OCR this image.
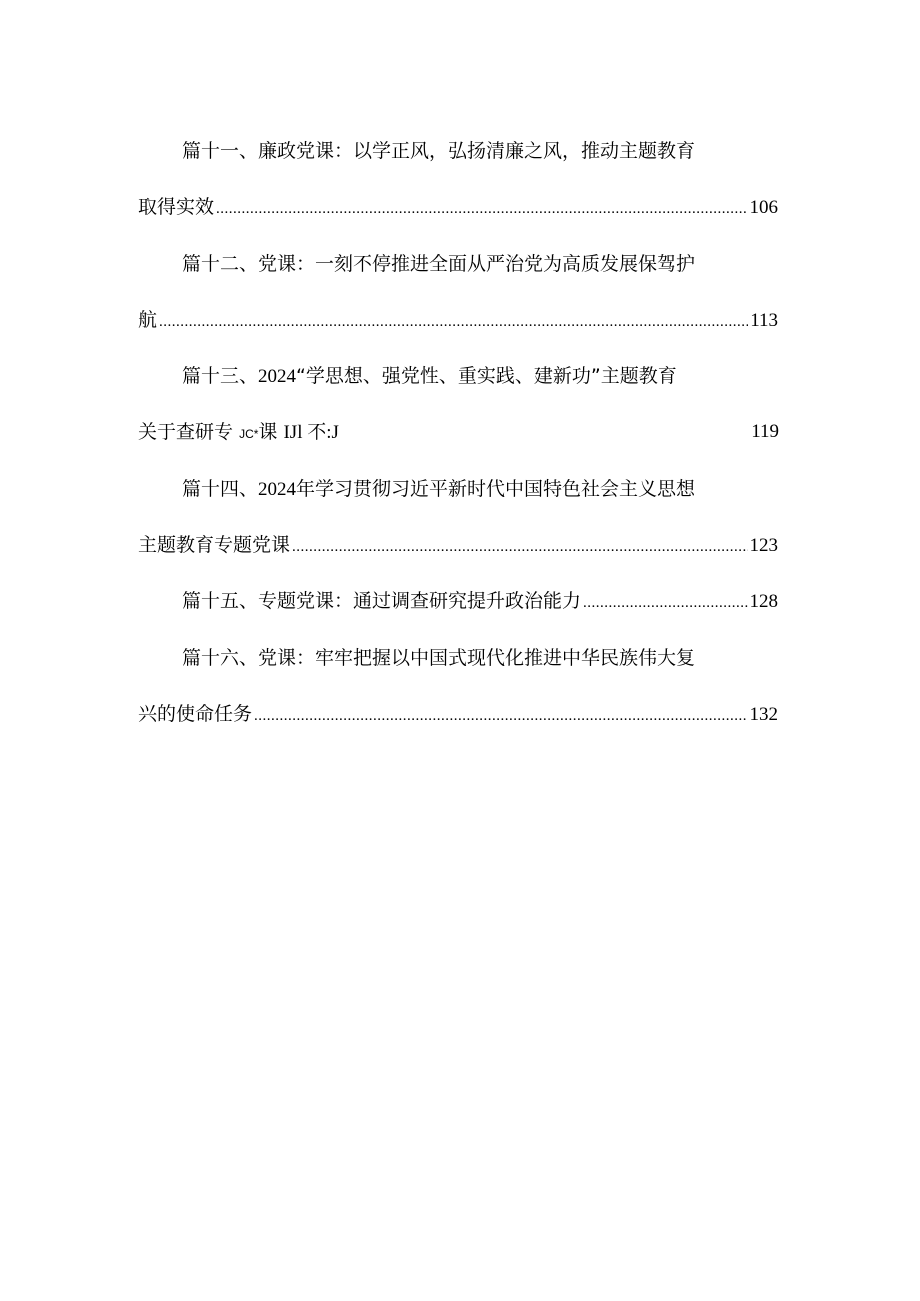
篇十一、廉政党课：以学正风，弘扬清廉之风，推动主题教育
取得实效 .....	106
篇十二、党课：一刻不停推进全面从严治党为高质发展保驾护
航 .....	113
篇十三、2024“学思想、强党性、重实践、建新功”主题教育
关于查研专 JC*课 IJl 不:J	119
篇十四、2024年学习贯彻习近平新时代中国特色社会主义思想
主题教育专题党课 .....	123
篇十五、专题党课：通过调查研究提升政治能力 .....	128
篇十六、党课：牢牢把握以中国式现代化推进中华民族伟大复
兴的使命任务 .....	132
